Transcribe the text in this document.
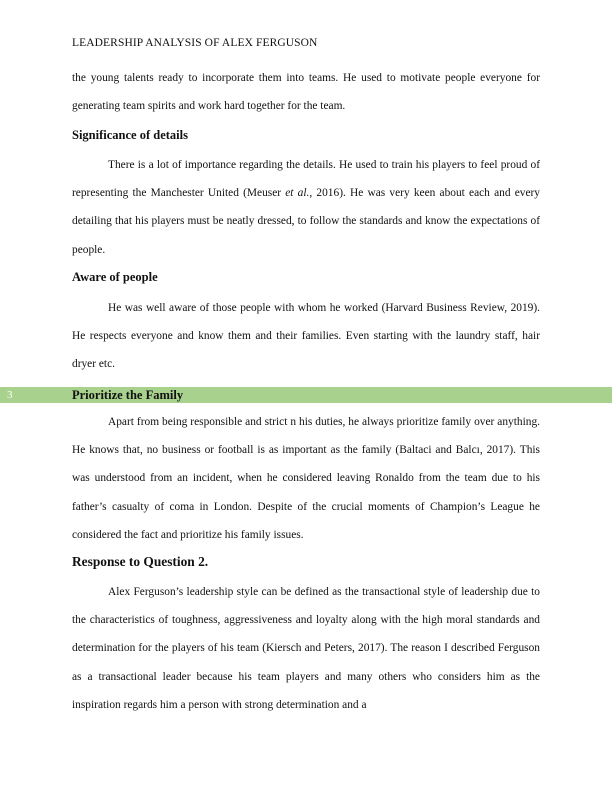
LEADERSHIP ANALYSIS OF ALEX FERGUSON

the young talents ready to incorporate them into teams. He used to motivate people everyone for generating team spirits and work hard together for the team.

Significance of details

There is a lot of importance regarding the details. He used to train his players to feel proud of representing the Manchester United (Meuser et al., 2016). He was very keen about each and every detailing that his players must be neatly dressed, to follow the standards and know the expectations of people.

Aware of people

He was well aware of those people with whom he worked (Harvard Business Review, 2019). He respects everyone and know them and their families. Even starting with the laundry staff, hair dryer etc.

3	Prioritize the Family

Apart from being responsible and strict n his duties, he always prioritize family over anything. He knows that, no business or football is as important as the family (Baltaci and Balcı, 2017). This was understood from an incident, when he considered leaving Ronaldo from the team due to his father’s casualty of coma in London. Despite of the crucial moments of Champion’s League he considered the fact and prioritize his family issues.

Response to Question 2.

Alex Ferguson’s leadership style can be defined as the transactional style of leadership due to the characteristics of toughness, aggressiveness and loyalty along with the high moral standards and determination for the players of his team (Kiersch and Peters, 2017). The reason I described Ferguson as a transactional leader because his team players and many others who considers him as the inspiration regards him a person with strong determination and a
